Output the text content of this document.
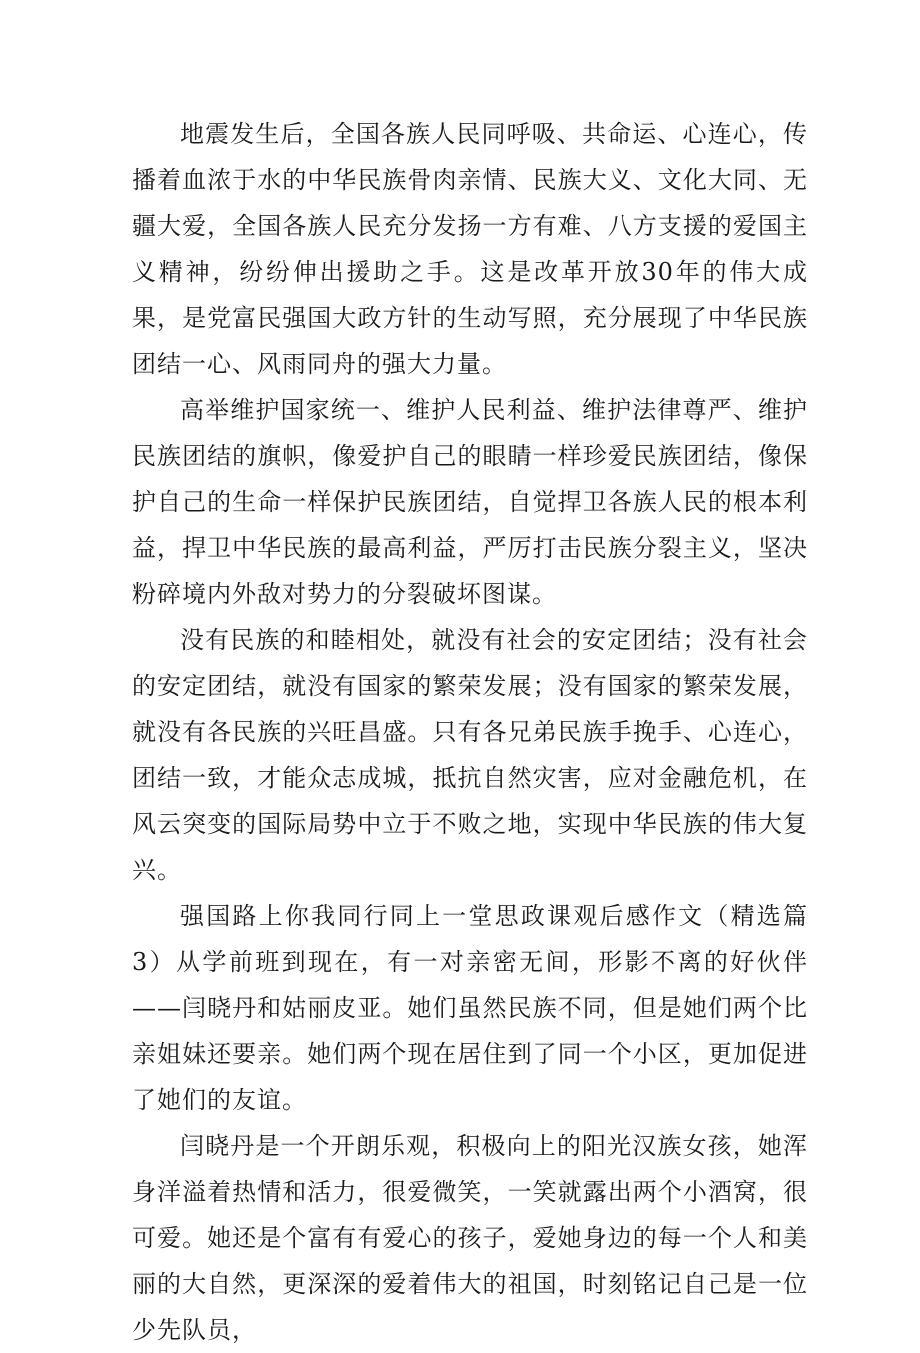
地震发生后，全国各族人民同呼吸、共命运、心连心，传播着血浓于水的中华民族骨肉亲情、民族大义、文化大同、无疆大爱，全国各族人民充分发扬一方有难、八方支援的爱国主义精神，纷纷伸出援助之手。这是改革开放30年的伟大成果，是党富民强国大政方针的生动写照，充分展现了中华民族团结一心、风雨同舟的强大力量。

高举维护国家统一、维护人民利益、维护法律尊严、维护民族团结的旗帜，像爱护自己的眼睛一样珍爱民族团结，像保护自己的生命一样保护民族团结，自觉捍卫各族人民的根本利益，捍卫中华民族的最高利益，严厉打击民族分裂主义，坚决粉碎境内外敌对势力的分裂破坏图谋。

没有民族的和睦相处，就没有社会的安定团结；没有社会的安定团结，就没有国家的繁荣发展；没有国家的繁荣发展，就没有各民族的兴旺昌盛。只有各兄弟民族手挽手、心连心，团结一致，才能众志成城，抵抗自然灾害，应对金融危机，在风云突变的国际局势中立于不败之地，实现中华民族的伟大复兴。

强国路上你我同行同上一堂思政课观后感作文（精选篇3）从学前班到现在，有一对亲密无间，形影不离的好伙伴——闫晓丹和姑丽皮亚。她们虽然民族不同，但是她们两个比亲姐妹还要亲。她们两个现在居住到了同一个小区，更加促进了她们的友谊。

闫晓丹是一个开朗乐观，积极向上的阳光汉族女孩，她浑身洋溢着热情和活力，很爱微笑，一笑就露出两个小酒窝，很可爱。她还是个富有有爱心的孩子，爱她身边的每一个人和美丽的大自然，更深深的爱着伟大的祖国，时刻铭记自己是一位少先队员，
